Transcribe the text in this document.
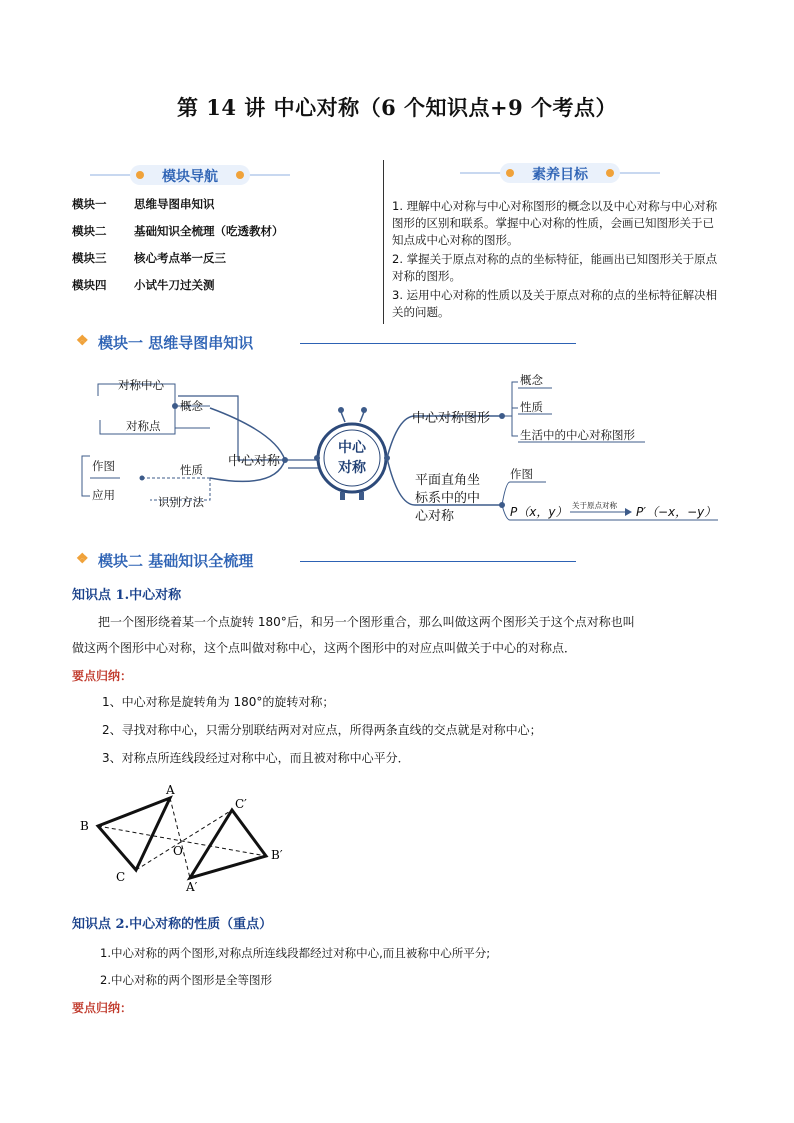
第 14 讲 中心对称（6 个知识点+9 个考点）
模块导航
模块一 思维导图串知识
模块二 基础知识全梳理（吃透教材）
模块三 核心考点举一反三
模块四 小试牛刀过关测
素养目标

1. 理解中心对称与中心对称图形的概念以及中心对称与中心对称图形的区别和联系。掌握中心对称的性质，会画已知图形关于已知点成中心对称的图形。

2. 掌握关于原点对称的点的坐标特征，能画出已知图形关于原点对称的图形。

3. 运用中心对称的性质以及关于原点对称的点的坐标特征解决相关的问题。

❖ 模块一 思维导图串知识
对称中心
对称点
概念
性质
识别方法
作图
应用
中心对称
中心
对称
中心对称图形
概念
性质
生活中的中心对称图形
平面直角坐
标系中的中
心对称
作图
P（x，y） 关于原点对称 P′（−x，−y）
❖ 模块二 基础知识全梳理
知识点 1.中心对称
把一个图形绕着某一个点旋转 180°后，和另一个图形重合，那么叫做这两个图形关于这个点对称也叫
做这两个图形中心对称，这个点叫做对称中心，这两个图形中的对应点叫做关于中心的对称点．
要点归纳：
1、中心对称是旋转角为 180°的旋转对称；
2、寻找对称中心，只需分别联结两对对应点，所得两条直线的交点就是对称中心；
3、对称点所连线段经过对称中心，而且被对称中心平分．
A
B
C
O
C′
B′
A′
知识点 2.中心对称的性质（重点）
1.中心对称的两个图形,对称点所连线段都经过对称中心,而且被称中心所平分;
2.中心对称的两个图形是全等图形
要点归纳：
